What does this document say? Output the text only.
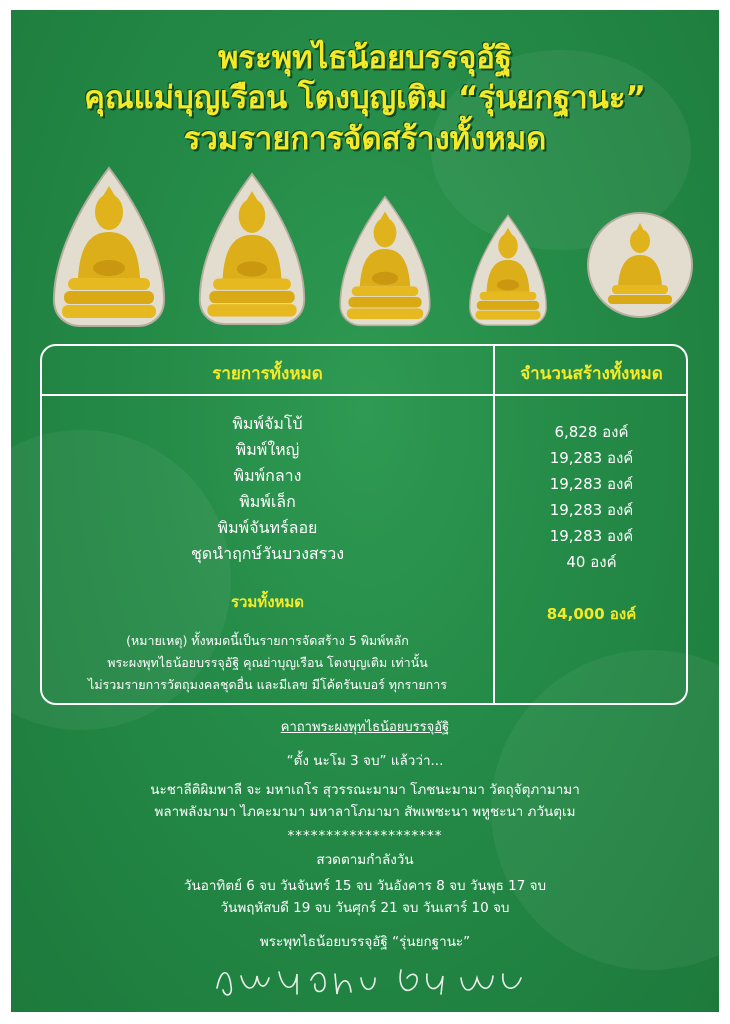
พระพุทไธน้อยบรรจุอัฐิ
คุณแม่บุญเรือน โตงบุญเติม “รุ่นยกฐานะ”
รวมรายการจัดสร้างทั้งหมด
รายการทั้งหมด	จำนวนสร้างทั้งหมด
พิมพ์จัมโบ้
พิมพ์ใหญ่
พิมพ์กลาง
พิมพ์เล็ก
พิมพ์จันทร์ลอย
ชุดนำฤกษ์วันบวงสรวง
6,828 องค์
19,283 องค์
19,283 องค์
19,283 องค์
19,283 องค์
40 องค์
รวมทั้งหมด
84,000 องค์
(หมายเหตุ) ทั้งหมดนี้เป็นรายการจัดสร้าง 5 พิมพ์หลัก
พระผงพุทไธน้อยบรรจุอัฐิ คุณย่าบุญเรือน โตงบุญเติม เท่านั้น
ไม่รวมรายการวัตถุมงคลชุดอื่น และมีเลข มีโค้ดรันเบอร์ ทุกรายการ
คาถาพระผงพุทไธน้อยบรรจุอัฐิ
“ตั้ง นะโม 3 จบ” แล้วว่า...
นะชาลีติผิมพาลี จะ มหาเถโร สุวรรณะมามา โภชนะมามา วัตถุจัตุภามามา
พลาพลังมามา ไภคะมามา มหาลาโภมามา สัพเพชะนา พหูชะนา ภวันตุเม
********************
สวดตามกำลังวัน
วันอาทิตย์ 6 จบ วันจันทร์ 15 จบ วันอังคาร 8 จบ วันพุธ 17 จบ
วันพฤหัสบดี 19 จบ วันศุกร์ 21 จบ วันเสาร์ 10 จบ
พระพุทไธน้อยบรรจุอัฐิ “รุ่นยกฐานะ”
